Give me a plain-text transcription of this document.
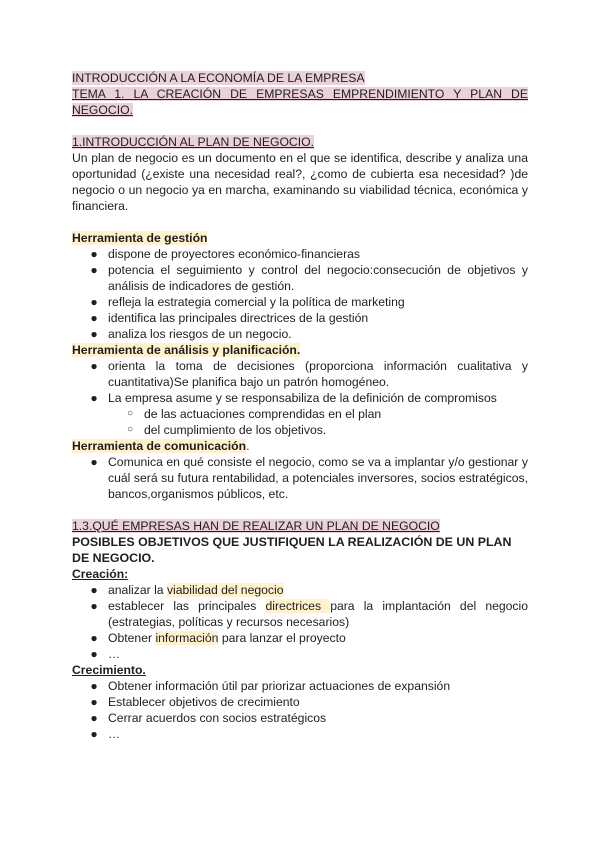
INTRODUCCIÓN A LA ECONOMÍA DE LA EMPRESA

TEMA 1. LA CREACIÓN DE EMPRESAS EMPRENDIMIENTO Y PLAN DE NEGOCIO.

1.INTRODUCCIÓN AL PLAN DE NEGOCIO.

Un plan de negocio es un documento en el que se identifica, describe y analiza una oportunidad (¿existe una necesidad real?, ¿como de cubierta esa necesidad? )de negocio o un negocio ya en marcha, examinando su viabilidad técnica, económica y financiera.

Herramienta de gestión

● dispone de proyectores económico-financieras
● potencia el seguimiento y control del negocio:consecución de objetivos y análisis de indicadores de gestión.
● refleja la estrategia comercial y la política de marketing
● identifica las principales directrices de la gestión
● analiza los riesgos de un negocio.

Herramienta de análisis y planificación.

● orienta la toma de decisiones (proporciona información cualitativa y cuantitativa)Se planifica bajo un patrón homogéneo.
● La empresa asume y se responsabiliza de la definición de compromisos
○ de las actuaciones comprendidas en el plan
○ del cumplimiento de los objetivos.

Herramienta de comunicación.

● Comunica en qué consiste el negocio, como se va a implantar y/o gestionar y cuál será su futura rentabilidad, a potenciales inversores, socios estratégicos, bancos,organismos públicos, etc.

1.3.QUÉ EMPRESAS HAN DE REALIZAR UN PLAN DE NEGOCIO

POSIBLES OBJETIVOS QUE JUSTIFIQUEN LA REALIZACIÓN DE UN PLAN DE NEGOCIO.

Creación:

● analizar la viabilidad del negocio
● establecer las principales directrices para la implantación del negocio (estrategias, políticas y recursos necesarios)
● Obtener información para lanzar el proyecto
● …

Crecimiento.

● Obtener información útil par priorizar actuaciones de expansión
● Establecer objetivos de crecimiento
● Cerrar acuerdos con socios estratégicos
● …
